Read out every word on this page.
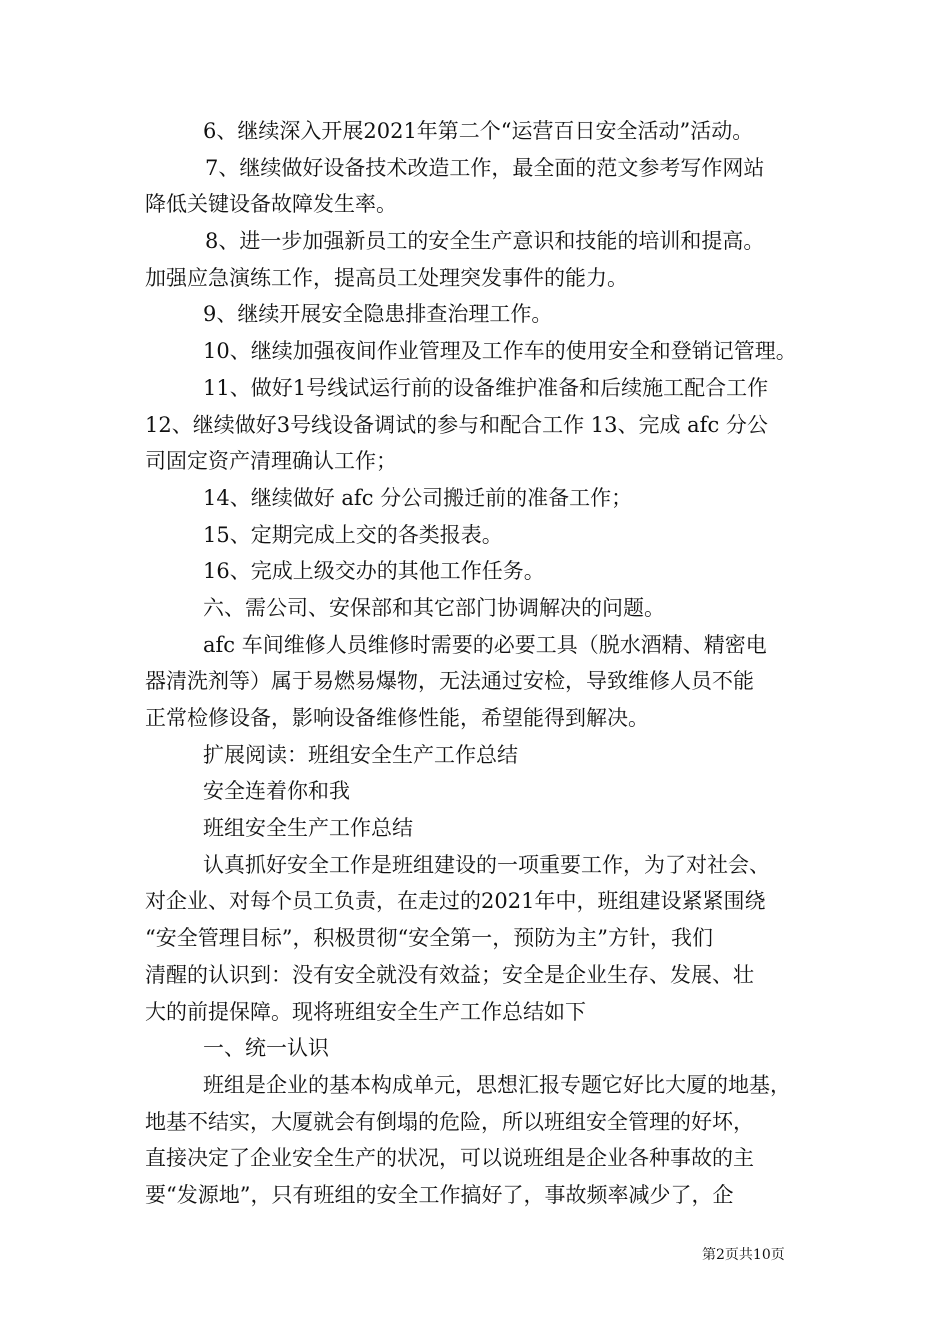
6、继续深入开展2021年第二个“运营百日安全活动”活动。
7、继续做好设备技术改造工作，最全面的范文参考写作网站
降低关键设备故障发生率。
8、进一步加强新员工的安全生产意识和技能的培训和提高。
加强应急演练工作，提高员工处理突发事件的能力。
9、继续开展安全隐患排查治理工作。
10、继续加强夜间作业管理及工作车的使用安全和登销记管理。
11、做好1号线试运行前的设备维护准备和后续施工配合工作
12、继续做好3号线设备调试的参与和配合工作 13、完成 afc 分公
司固定资产清理确认工作；
14、继续做好 afc 分公司搬迁前的准备工作；
15、定期完成上交的各类报表。
16、完成上级交办的其他工作任务。
六、需公司、安保部和其它部门协调解决的问题。
afc 车间维修人员维修时需要的必要工具（脱水酒精、精密电
器清洗剂等）属于易燃易爆物，无法通过安检，导致维修人员不能
正常检修设备，影响设备维修性能，希望能得到解决。
扩展阅读：班组安全生产工作总结
安全连着你和我
班组安全生产工作总结
认真抓好安全工作是班组建设的一项重要工作，为了对社会、
对企业、对每个员工负责，在走过的2021年中，班组建设紧紧围绕
“安全管理目标”，积极贯彻“安全第一，预防为主”方针，我们
清醒的认识到：没有安全就没有效益；安全是企业生存、发展、壮
大的前提保障。现将班组安全生产工作总结如下
一、统一认识
班组是企业的基本构成单元，思想汇报专题它好比大厦的地基，
地基不结实，大厦就会有倒塌的危险，所以班组安全管理的好坏，
直接决定了企业安全生产的状况，可以说班组是企业各种事故的主
要“发源地”，只有班组的安全工作搞好了，事故频率减少了，企
第2页共10页
